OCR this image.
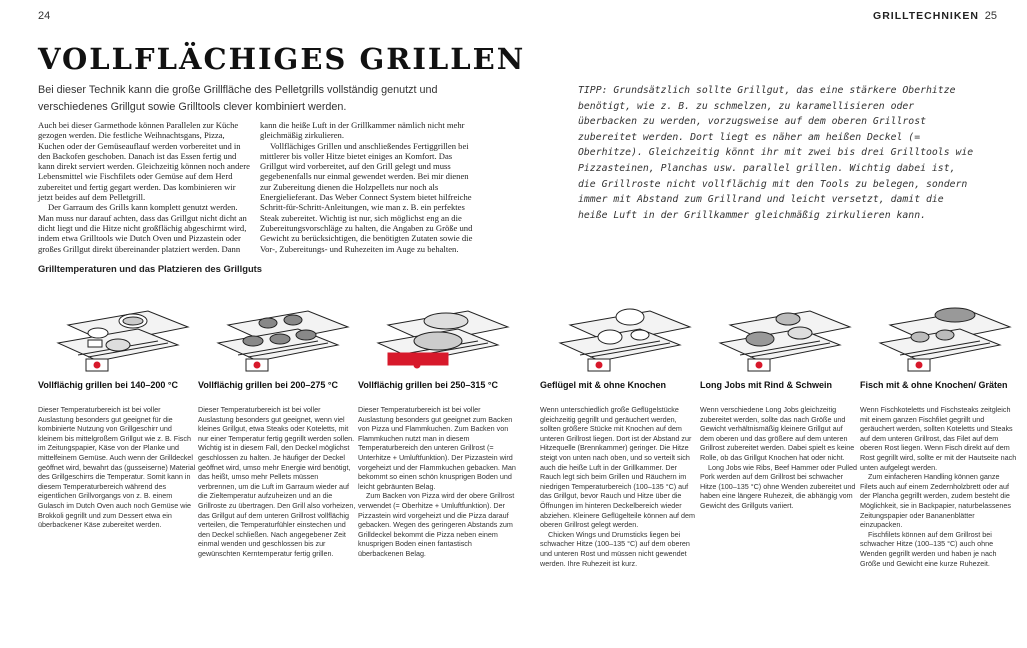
24	GRILLTECHNIKEN 25
VOLLFLÄCHIGES GRILLEN

Bei dieser Technik kann die große Grillfläche des Pelletgrills vollständig genutzt und verschiedenes Grillgut sowie Grilltools clever kombiniert werden.

Auch bei dieser Garmethode können Parallelen zur Küche gezogen werden. Die festliche Weihnachtsgans, Pizza, Kuchen oder der Gemüseauflauf werden vorbereitet und in den Backofen geschoben. Danach ist das Essen fertig und kann direkt serviert werden. Gleichzeitig können noch andere Lebensmittel wie Fischfilets oder Gemüse auf dem Herd zubereitet und fertig gegart werden. Das kombinieren wir jetzt beides auf dem Pelletgrill.

Der Garraum des Grills kann komplett genutzt werden. Man muss nur darauf achten, dass das Grillgut nicht dicht an dicht liegt und die Hitze nicht großflächig abgeschirmt wird, indem etwa Grilltools wie Dutch Oven und Pizzastein oder großes Grillgut direkt übereinander platziert werden. Dann

kann die heiße Luft in der Grillkammer nämlich nicht mehr gleichmäßig zirkulieren.

Vollflächiges Grillen und anschließendes Fertiggrillen bei mittlerer bis voller Hitze bietet einiges an Komfort. Das Grillgut wird vorbereitet, auf den Grill gelegt und muss gegebenenfalls nur einmal gewendet werden. Bei mir dienen zur Zubereitung dienen die Holzpellets nur noch als Energielieferant. Das Weber Connect System bietet hilfreiche Schritt-für-Schritt-Anleitungen, wie man z. B. ein perfektes Steak zubereitet. Wichtig ist nur, sich möglichst eng an die Zubereitungsvorschläge zu halten, die Angaben zu Größe und Gewicht zu berücksichtigen, die benötigten Zutaten sowie die Vor-, Zubereitungs- und Ruhezeiten im Auge zu behalten.

TIPP: Grundsätzlich sollte Grillgut, das eine stärkere Oberhitze benötigt, wie z. B. zu schmelzen, zu karamellisieren oder überbacken zu werden, vorzugsweise auf dem oberen Grillrost zubereitet werden. Dort liegt es näher am heißen Deckel (= Oberhitze). Gleichzeitig könnt ihr mit zwei bis drei Grilltools wie Pizzasteinen, Planchas usw. parallel grillen. Wichtig dabei ist, die Grillroste nicht vollflächig mit den Tools zu belegen, sondern immer mit Abstand zum Grillrand und leicht versetzt, damit die heiße Luft in der Grillkammer gleichmäßig zirkulieren kann.

Grilltemperaturen und das Platzieren des Grillguts
Vollflächig grillen bei 140–200 °C	Vollflächig grillen bei 200–275 °C	Vollflächig grillen bei 250–315 °C	Geflügel mit & ohne Knochen	Long Jobs mit Rind & Schwein	Fisch mit & ohne Knochen/ Gräten

Dieser Temperaturbereich ist bei voller Auslastung besonders gut geeignet für die kombinierte Nutzung von Grillgeschirr und kleinem bis mittelgroßem Grillgut wie z. B. Fisch im Zeitungspapier, Käse von der Planke und mittelfeinem Gemüse. Auch wenn der Grilldeckel geöffnet wird, bewahrt das (gusseiserne) Material des Grillgeschirrs die Temperatur. Somit kann in diesem Temperaturbereich während des eigentlichen Grillvorgangs von z. B. einem Gulasch im Dutch Oven auch noch Gemüse wie Brokkoli gegrillt und zum Dessert etwa ein überbackener Käse zubereitet werden.

Dieser Temperaturbereich ist bei voller Auslastung besonders gut geeignet, wenn viel kleines Grillgut, etwa Steaks oder Koteletts, mit nur einer Temperatur fertig gegrillt werden sollen. Wichtig ist in diesem Fall, den Deckel möglichst geschlossen zu halten. Je häufiger der Deckel geöffnet wird, umso mehr Energie wird benötigt, das heißt, umso mehr Pellets müssen verbrennen, um die Luft im Garraum wieder auf die Zieltemperatur aufzuheizen und an die Grillroste zu übertragen. Den Grill also vorheizen, das Grillgut auf dem unteren Grillrost vollflächig verteilen, die Temperaturfühler einstechen und den Deckel schließen. Nach angegebener Zeit einmal wenden und geschlossen bis zur gewünschten Kerntemperatur fertig grillen.

Dieser Temperaturbereich ist bei voller Auslastung besonders gut geeignet zum Backen von Pizza und Flammkuchen. Zum Backen von Flammkuchen nutzt man in diesem Temperaturbereich den unteren Grillrost (= Unterhitze + Umluftfunktion). Der Pizzastein wird vorgeheizt und der Flammkuchen gebacken. Man bekommt so einen schön knusprigen Boden und leicht gebräunten Belag.

Zum Backen von Pizza wird der obere Grillrost verwendet (= Oberhitze + Umluftfunktion). Der Pizzastein wird vorgeheizt und die Pizza darauf gebacken. Wegen des geringeren Abstands zum Grilldeckel bekommt die Pizza neben einem knusprigen Boden einen fantastisch überbackenen Belag.

Wenn unterschiedlich große Geflügelstücke gleichzeitig gegrillt und geräuchert werden, sollten größere Stücke mit Knochen auf dem unteren Grillrost liegen. Dort ist der Abstand zur Hitzequelle (Brennkammer) geringer. Die Hitze steigt von unten nach oben, und so verteilt sich auch die heiße Luft in der Grillkammer. Der Rauch legt sich beim Grillen und Räuchern im niedrigen Temperaturbereich (100–135 °C) auf das Grillgut, bevor Rauch und Hitze über die Öffnungen im hinteren Deckelbereich wieder abziehen. Kleinere Geflügelteile können auf dem oberen Grillrost gelegt werden.

Chicken Wings und Drumsticks liegen bei schwacher Hitze (100–135 °C) auf dem oberen und unteren Rost und müssen nicht gewendet werden. Ihre Ruhezeit ist kurz.

Wenn verschiedene Long Jobs gleichzeitig zubereitet werden, sollte das nach Größe und Gewicht verhältnismäßig kleinere Grillgut auf dem oberen und das größere auf dem unteren Grillrost zubereitet werden. Dabei spielt es keine Rolle, ob das Grillgut Knochen hat oder nicht.

Long Jobs wie Ribs, Beef Hammer oder Pulled Pork werden auf dem Grillrost bei schwacher Hitze (100–135 °C) ohne Wenden zubereitet und haben eine längere Ruhezeit, die abhängig vom Gewicht des Grillguts variiert.

Wenn Fischkoteletts und Fischsteaks zeitgleich mit einem ganzen Fischfilet gegrillt und geräuchert werden, sollten Koteletts und Steaks auf dem unteren Grillrost, das Filet auf dem oberen Rost liegen. Wenn Fisch direkt auf dem Rost gegrillt wird, sollte er mit der Hautseite nach unten aufgelegt werden.

Zum einfacheren Handling können ganze Filets auch auf einem Zedernholzbrett oder auf der Plancha gegrillt werden, zudem besteht die Möglichkeit, sie in Backpapier, naturbelassenes Zeitungspapier oder Bananenblätter einzupacken.

Fischfilets können auf dem Grillrost bei schwacher Hitze (100–135 °C) auch ohne Wenden gegrillt werden und haben je nach Größe und Gewicht eine kurze Ruhezeit.
